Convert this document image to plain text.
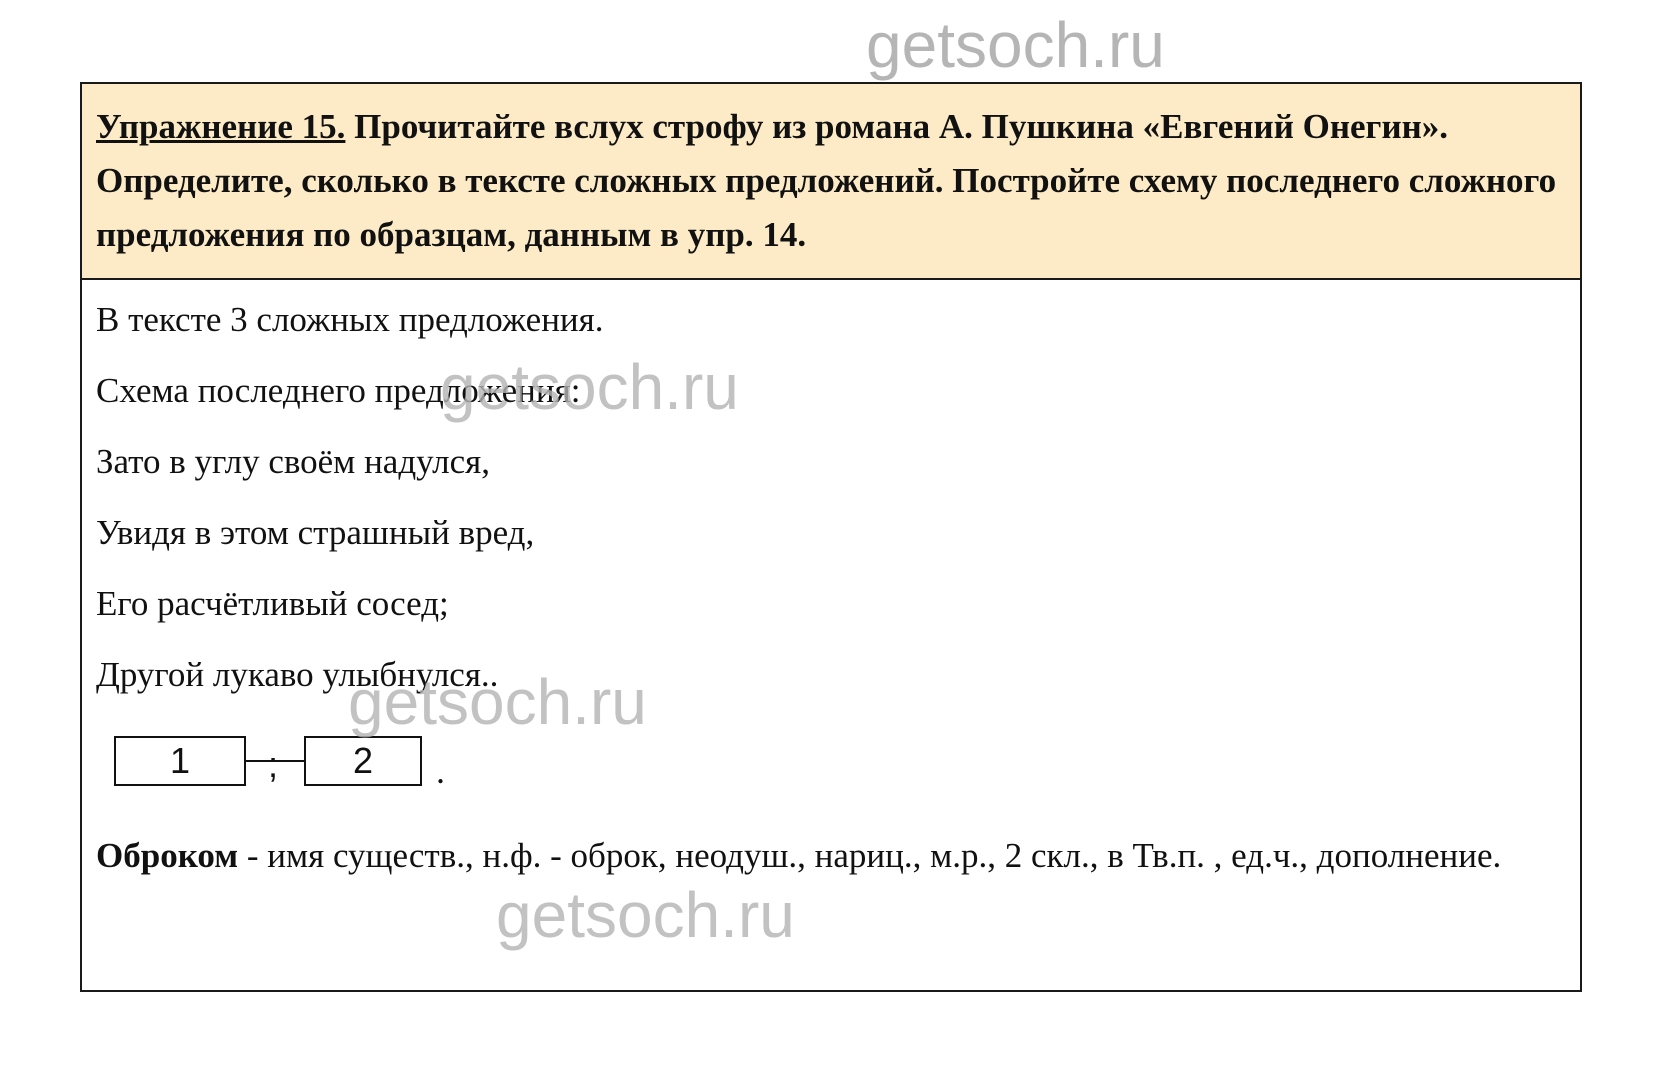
getsoch.ru
Упражнение 15. Прочитайте вслух строфу из романа А. Пушкина «Евгений Онегин». Определите, сколько в тексте сложных предложений. Постройте схему последнего сложного предложения по образцам, данным в упр. 14.
В тексте 3 сложных предложения.
Схема последнего предложения:
Зато в углу своём надулся,
Увидя в этом страшный вред,
Его расчётливый сосед;
Другой лукаво улыбнулся..
1	;	2	.
Оброком - имя существ., н.ф. - оброк, неодуш., нариц., м.р., 2 скл., в Тв.п. , ед.ч., дополнение.
getsoch.ru
getsoch.ru
getsoch.ru
